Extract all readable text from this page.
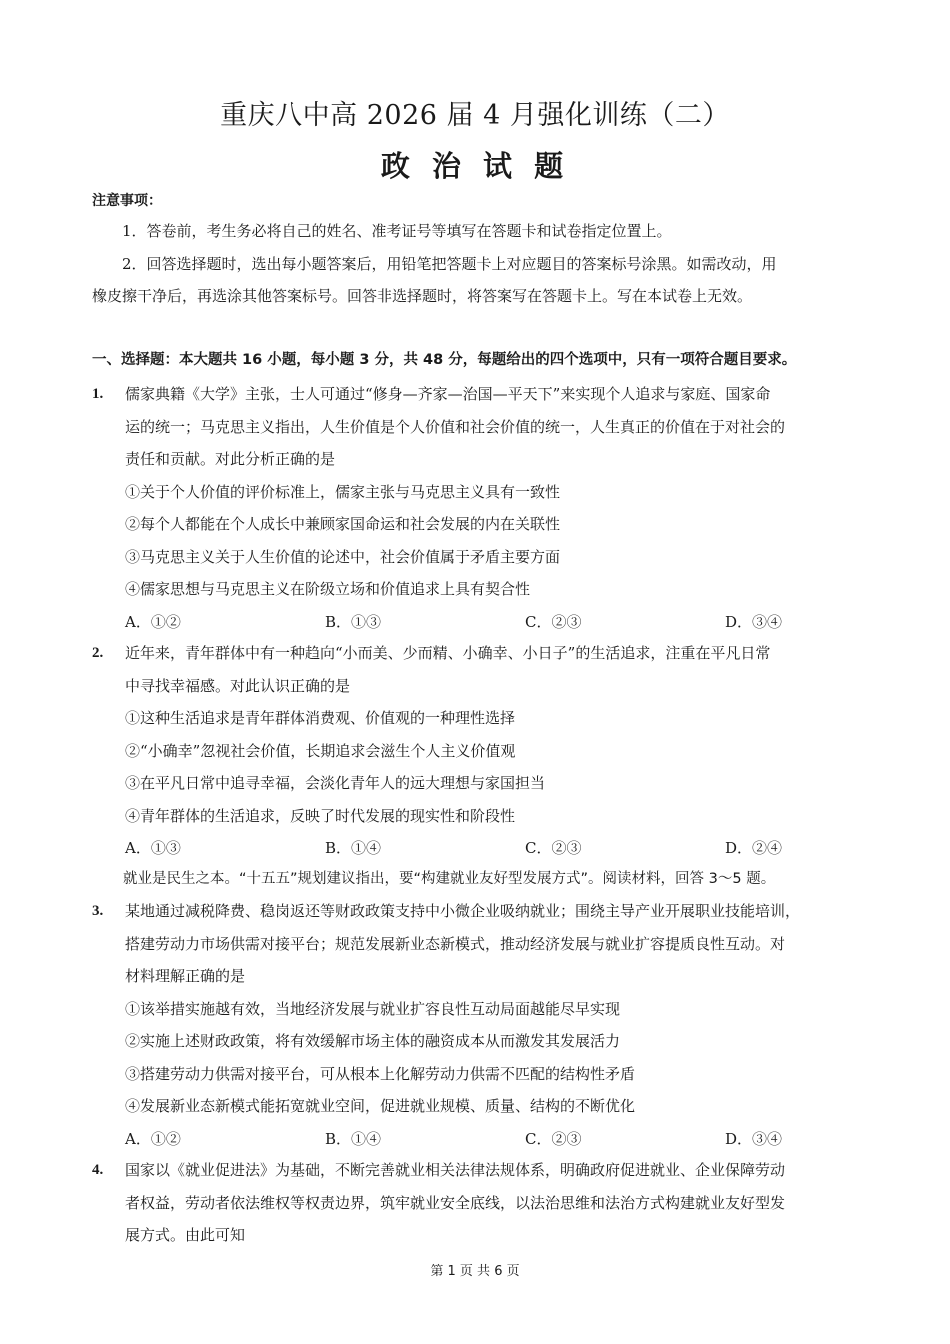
重庆八中高 2026 届 4 月强化训练（二）
政 治 试 题
注意事项：
1．答卷前，考生务必将自己的姓名、准考证号等填写在答题卡和试卷指定位置上。
2．回答选择题时，选出每小题答案后，用铅笔把答题卡上对应题目的答案标号涂黑。如需改动，用
橡皮擦干净后，再选涂其他答案标号。回答非选择题时，将答案写在答题卡上。写在本试卷上无效。
一、选择题：本大题共 16 小题，每小题 3 分，共 48 分，每题给出的四个选项中，只有一项符合题目要求。
1. 儒家典籍《大学》主张，士人可通过“修身—齐家—治国—平天下”来实现个人追求与家庭、国家命
运的统一；马克思主义指出，人生价值是个人价值和社会价值的统一，人生真正的价值在于对社会的
责任和贡献。对此分析正确的是
①关于个人价值的评价标准上，儒家主张与马克思主义具有一致性
②每个人都能在个人成长中兼顾家国命运和社会发展的内在关联性
③马克思主义关于人生价值的论述中，社会价值属于矛盾主要方面
④儒家思想与马克思主义在阶级立场和价值追求上具有契合性
A．①②	B．①③	C．②③	D．③④
2. 近年来，青年群体中有一种趋向“小而美、少而精、小确幸、小日子”的生活追求，注重在平凡日常
中寻找幸福感。对此认识正确的是
①这种生活追求是青年群体消费观、价值观的一种理性选择
②“小确幸”忽视社会价值，长期追求会滋生个人主义价值观
③在平凡日常中追寻幸福，会淡化青年人的远大理想与家国担当
④青年群体的生活追求，反映了时代发展的现实性和阶段性
A．①③	B．①④	C．②③	D．②④
就业是民生之本。“十五五”规划建议指出，要“构建就业友好型发展方式”。阅读材料，回答 3～5 题。
3. 某地通过减税降费、稳岗返还等财政政策支持中小微企业吸纳就业；围绕主导产业开展职业技能培训，
搭建劳动力市场供需对接平台；规范发展新业态新模式，推动经济发展与就业扩容提质良性互动。对
材料理解正确的是
①该举措实施越有效，当地经济发展与就业扩容良性互动局面越能尽早实现
②实施上述财政政策，将有效缓解市场主体的融资成本从而激发其发展活力
③搭建劳动力供需对接平台，可从根本上化解劳动力供需不匹配的结构性矛盾
④发展新业态新模式能拓宽就业空间，促进就业规模、质量、结构的不断优化
A．①②	B．①④	C．②③	D．③④
4. 国家以《就业促进法》为基础，不断完善就业相关法律法规体系，明确政府促进就业、企业保障劳动
者权益，劳动者依法维权等权责边界，筑牢就业安全底线，以法治思维和法治方式构建就业友好型发
展方式。由此可知
第 1 页 共 6 页
